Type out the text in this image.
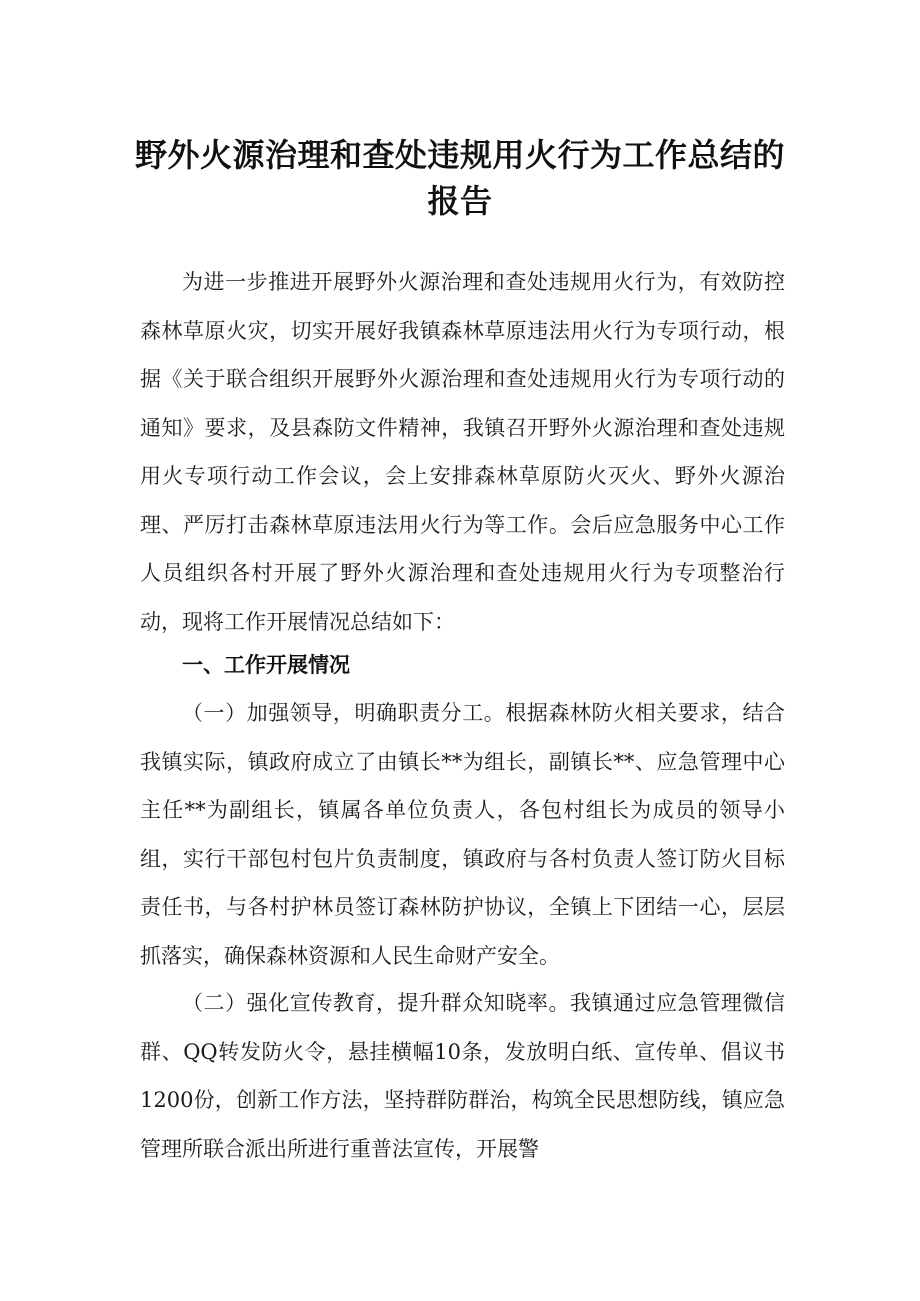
野外火源治理和查处违规用火行为工作总结的报告

为进一步推进开展野外火源治理和查处违规用火行为，有效防控森林草原火灾，切实开展好我镇森林草原违法用火行为专项行动，根据《关于联合组织开展野外火源治理和查处违规用火行为专项行动的通知》要求，及县森防文件精神，我镇召开野外火源治理和查处违规用火专项行动工作会议，会上安排森林草原防火灭火、野外火源治理、严厉打击森林草原违法用火行为等工作。会后应急服务中心工作人员组织各村开展了野外火源治理和查处违规用火行为专项整治行动，现将工作开展情况总结如下：

一、工作开展情况

（一）加强领导，明确职责分工。根据森林防火相关要求，结合我镇实际，镇政府成立了由镇长**为组长，副镇长**、应急管理中心主任**为副组长，镇属各单位负责人，各包村组长为成员的领导小组，实行干部包村包片负责制度，镇政府与各村负责人签订防火目标责任书，与各村护林员签订森林防护协议，全镇上下团结一心，层层抓落实，确保森林资源和人民生命财产安全。

（二）强化宣传教育，提升群众知晓率。我镇通过应急管理微信群、QQ转发防火令，悬挂横幅10条，发放明白纸、宣传单、倡议书1200份，创新工作方法，坚持群防群治，构筑全民思想防线，镇应急管理所联合派出所进行重普法宣传，开展警
